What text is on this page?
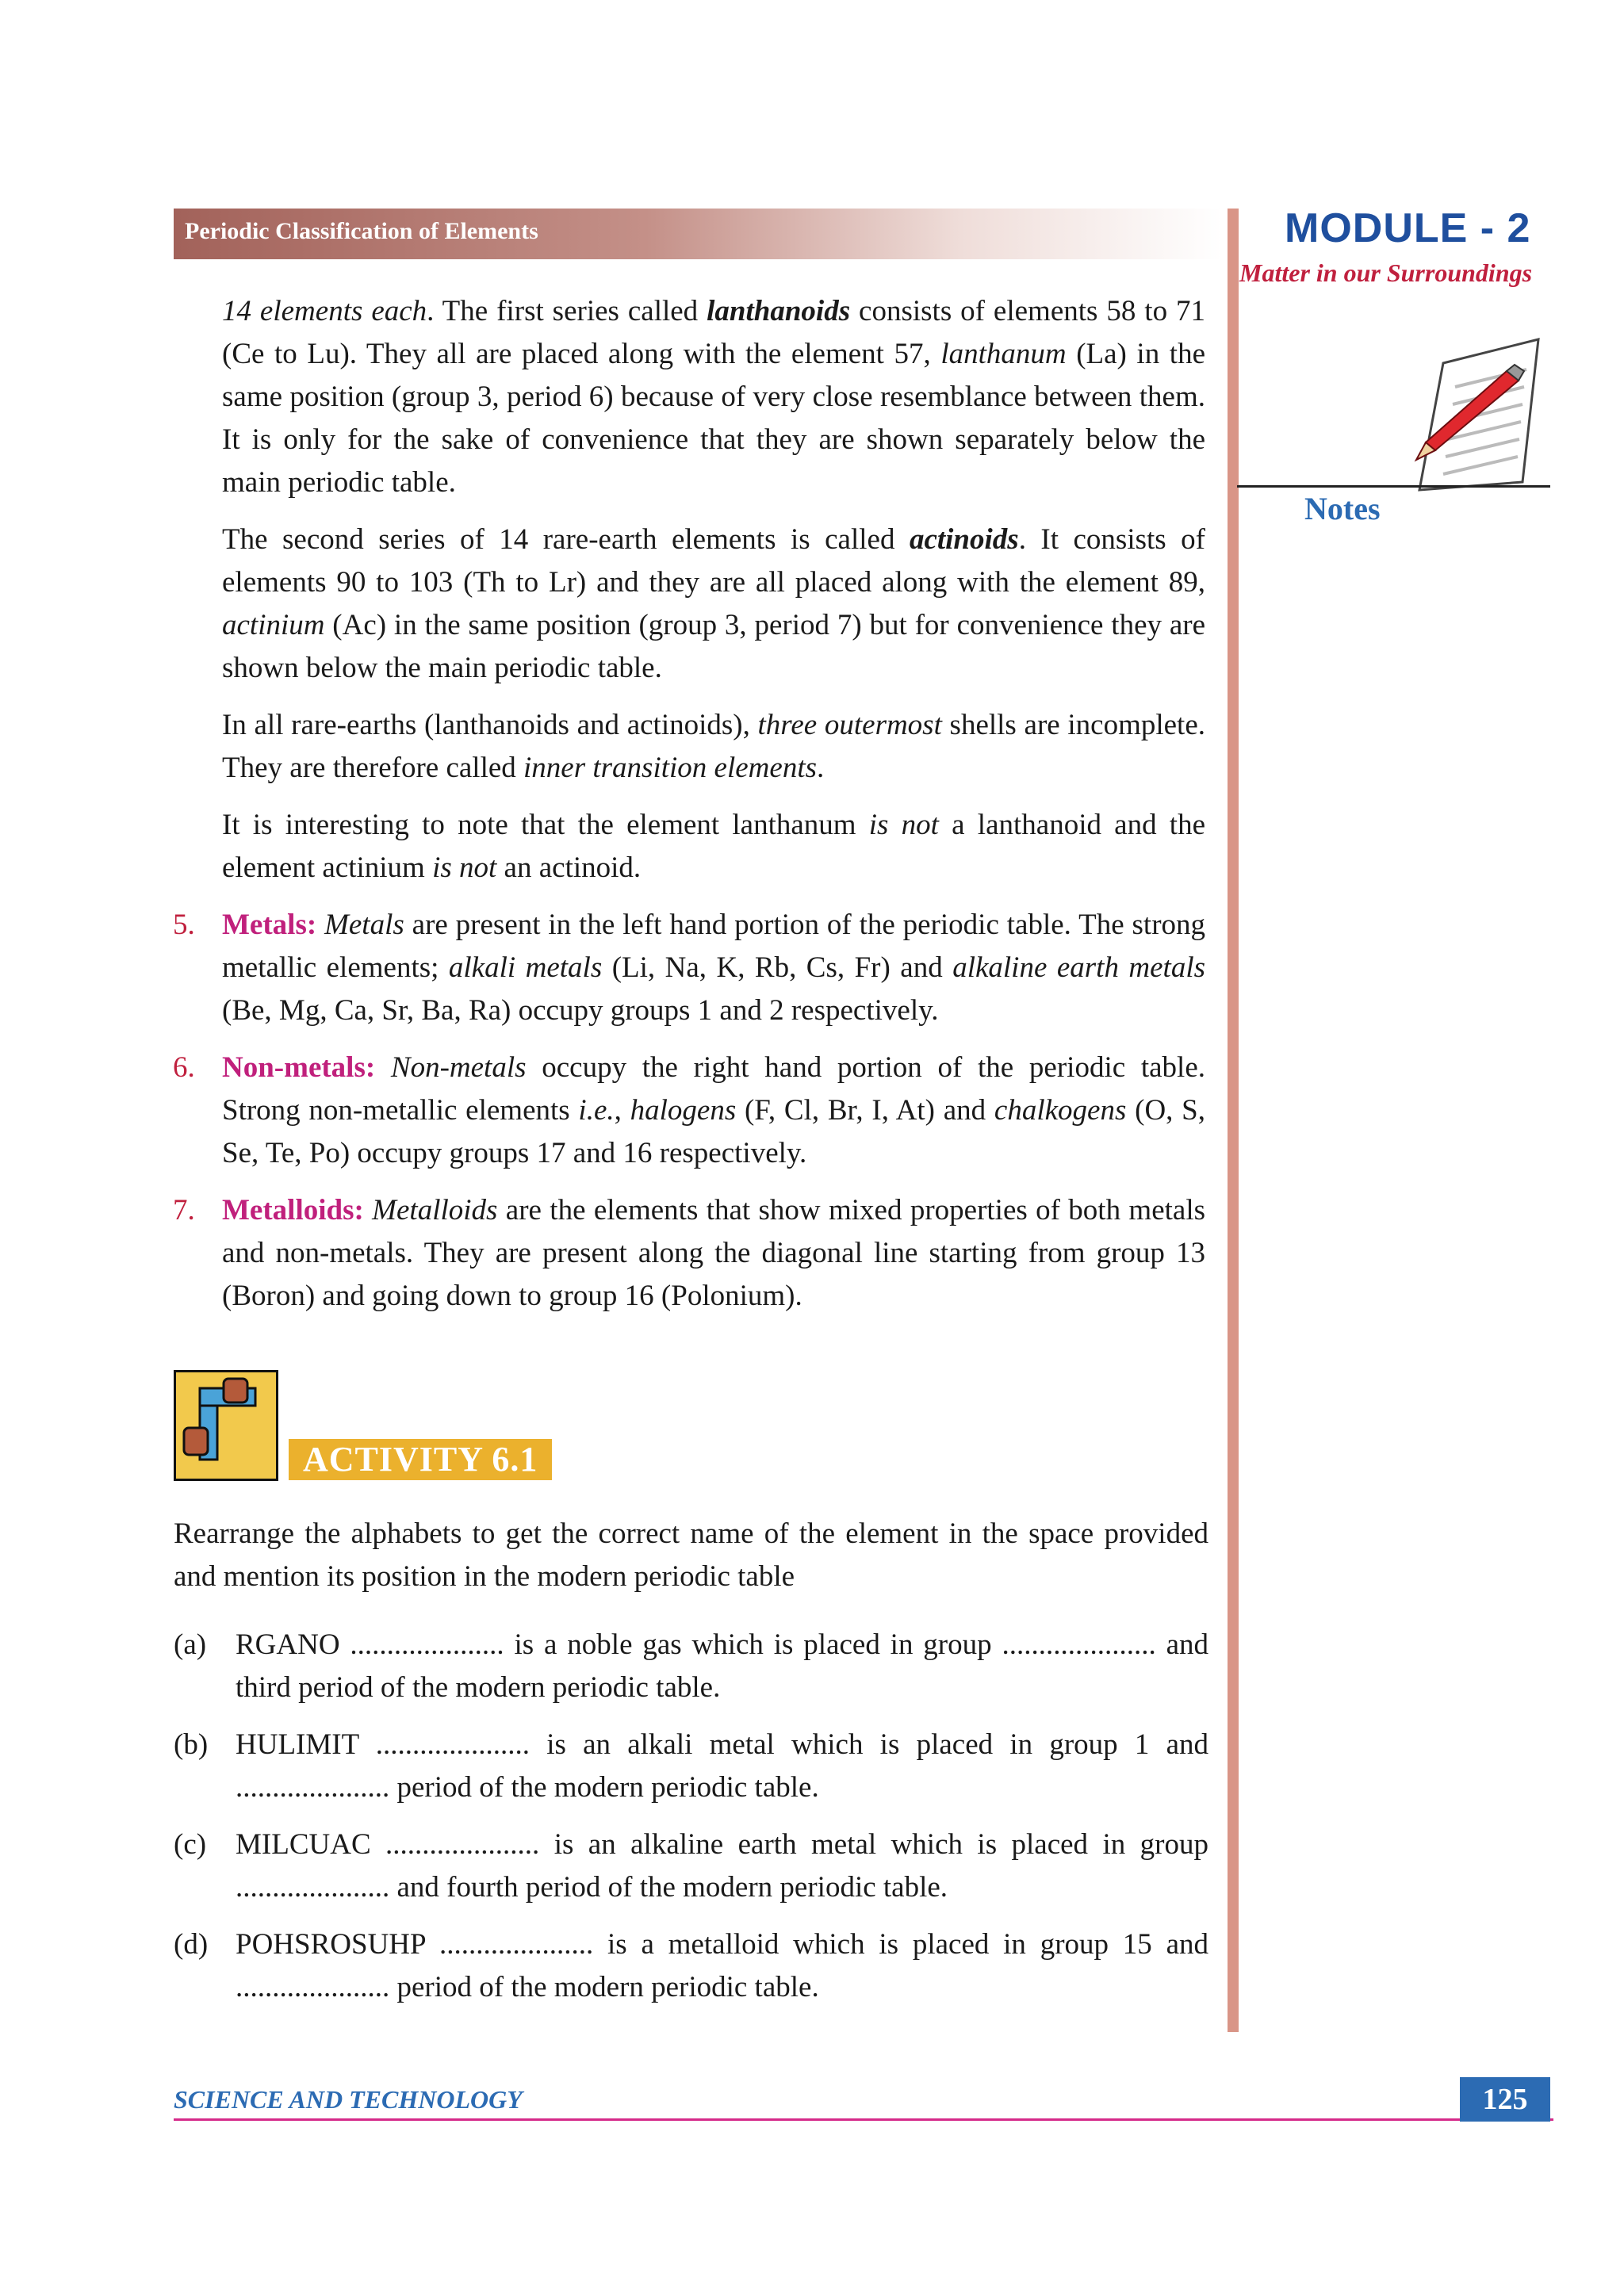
Periodic Classification of Elements	MODULE - 2
Matter in our Surroundings
Notes

14 elements each. The first series called lanthanoids consists of elements 58 to 71 (Ce to Lu). They all are placed along with the element 57, lanthanum (La) in the same position (group 3, period 6) because of very close resemblance between them. It is only for the sake of convenience that they are shown separately below the main periodic table.

The second series of 14 rare-earth elements is called actinoids. It consists of elements 90 to 103 (Th to Lr) and they are all placed along with the element 89, actinium (Ac) in the same position (group 3, period 7) but for convenience they are shown below the main periodic table.

In all rare-earths (lanthanoids and actinoids), three outermost shells are incomplete. They are therefore called inner transition elements.

It is interesting to note that the element lanthanum is not a lanthanoid and the element actinium is not an actinoid.

5. Metals: Metals are present in the left hand portion of the periodic table. The strong metallic elements; alkali metals (Li, Na, K, Rb, Cs, Fr) and alkaline earth metals (Be, Mg, Ca, Sr, Ba, Ra) occupy groups 1 and 2 respectively.

6. Non-metals: Non-metals occupy the right hand portion of the periodic table. Strong non-metallic elements i.e., halogens (F, Cl, Br, I, At) and chalkogens (O, S, Se, Te, Po) occupy groups 17 and 16 respectively.

7. Metalloids: Metalloids are the elements that show mixed properties of both metals and non-metals. They are present along the diagonal line starting from group 13 (Boron) and going down to group 16 (Polonium).

ACTIVITY 6.1
Rearrange the alphabets to get the correct name of the element in the space provided and mention its position in the modern periodic table
(a) RGANO ..................... is a noble gas which is placed in group ..................... and third period of the modern periodic table.
(b) HULIMIT ..................... is an alkali metal which is placed in group 1 and ..................... period of the modern periodic table.
(c) MILCUAC ..................... is an alkaline earth metal which is placed in group ..................... and fourth period of the modern periodic table.
(d) POHSROSUHP ..................... is a metalloid which is placed in group 15 and ..................... period of the modern periodic table.
SCIENCE AND TECHNOLOGY	125
